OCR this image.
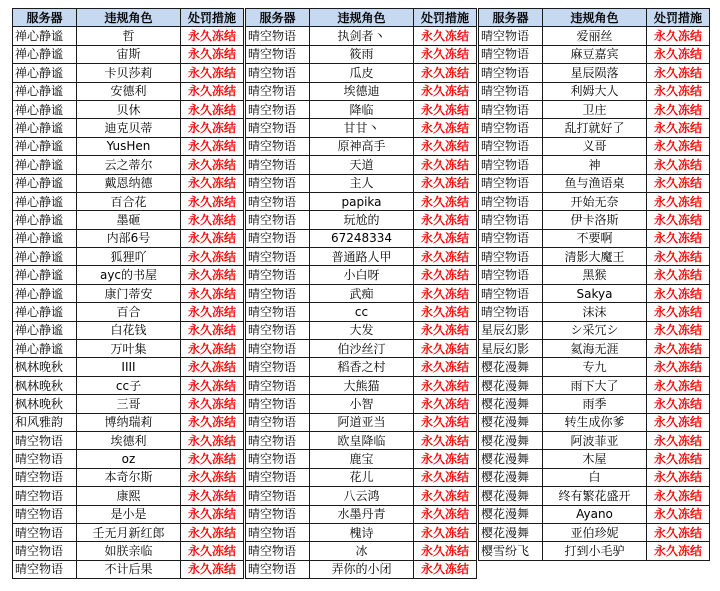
服务器	违规角色	处罚措施
禅心静谧	哲	永久冻结
禅心静谧	宙斯	永久冻结
禅心静谧	卡贝莎莉	永久冻结
禅心静谧	安德利	永久冻结
禅心静谧	贝休	永久冻结
禅心静谧	迪克贝蒂	永久冻结
禅心静谧	YusHen	永久冻结
禅心静谧	云之蒂尔	永久冻结
禅心静谧	戴恩纳德	永久冻结
禅心静谧	百合花	永久冻结
禅心静谧	墨砸	永久冻结
禅心静谧	内部6号	永久冻结
禅心静谧	狐狸吖	永久冻结
禅心静谧	ayc的书屋	永久冻结
禅心静谧	康门蒂安	永久冻结
禅心静谧	百合	永久冻结
禅心静谧	白花钱	永久冻结
禅心静谧	万叶集	永久冻结
枫林晚秋	IIII	永久冻结
枫林晚秋	cc子	永久冻结
枫林晚秋	三哥	永久冻结
和风雅韵	博纳瑞莉	永久冻结
晴空物语	埃德利	永久冻结
晴空物语	oz	永久冻结
晴空物语	本奇尔斯	永久冻结
晴空物语	康熙	永久冻结
晴空物语	是小是	永久冻结
晴空物语	壬无月新红郎	永久冻结
晴空物语	如朕亲临	永久冻结
晴空物语	不计后果	永久冻结
服务器	违规角色	处罚措施
晴空物语	执剑者丶	永久冻结
晴空物语	筱雨	永久冻结
晴空物语	瓜皮	永久冻结
晴空物语	埃德迪	永久冻结
晴空物语	降临	永久冻结
晴空物语	甘甘丶	永久冻结
晴空物语	原神高手	永久冻结
晴空物语	天道	永久冻结
晴空物语	主人	永久冻结
晴空物语	papika	永久冻结
晴空物语	玩尬的	永久冻结
晴空物语	67248334	永久冻结
晴空物语	普通路人甲	永久冻结
晴空物语	小白呀	永久冻结
晴空物语	武痴	永久冻结
晴空物语	cc	永久冻结
晴空物语	大发	永久冻结
晴空物语	伯沙丝汀	永久冻结
晴空物语	稻香之村	永久冻结
晴空物语	大熊猫	永久冻结
晴空物语	小智	永久冻结
晴空物语	阿道亚当	永久冻结
晴空物语	欧皇降临	永久冻结
晴空物语	鹿宝	永久冻结
晴空物语	花儿	永久冻结
晴空物语	八云鸿	永久冻结
晴空物语	水墨丹青	永久冻结
晴空物语	槐诗	永久冻结
晴空物语	冰	永久冻结
晴空物语	弄你的小闭	永久冻结
服务器	违规角色	处罚措施
晴空物语	爱丽丝	永久冻结
晴空物语	麻豆嘉宾	永久冻结
晴空物语	星辰陨落	永久冻结
晴空物语	利姆大人	永久冻结
晴空物语	卫庄	永久冻结
晴空物语	乱打就好了	永久冻结
晴空物语	义哥	永久冻结
晴空物语	神	永久冻结
晴空物语	鱼与渔语桌	永久冻结
晴空物语	开始无奈	永久冻结
晴空物语	伊卡洛斯	永久冻结
晴空物语	不要啊	永久冻结
晴空物语	清影大魔王	永久冻结
晴空物语	黑猴	永久冻结
晴空物语	Sakya	永久冻结
晴空物语	沫沫	永久冻结
星辰幻影	シ采冗シ	永久冻结
星辰幻影	氦海无涯	永久冻结
樱花漫舞	专九	永久冻结
樱花漫舞	雨下大了	永久冻结
樱花漫舞	雨季	永久冻结
樱花漫舞	转生成你爹	永久冻结
樱花漫舞	阿波菲亚	永久冻结
樱花漫舞	木屋	永久冻结
樱花漫舞	白	永久冻结
樱花漫舞	终有繁花盛开	永久冻结
樱花漫舞	Ayano	永久冻结
樱花漫舞	亚伯珍妮	永久冻结
樱雪纷飞	打到小毛驴	永久冻结
